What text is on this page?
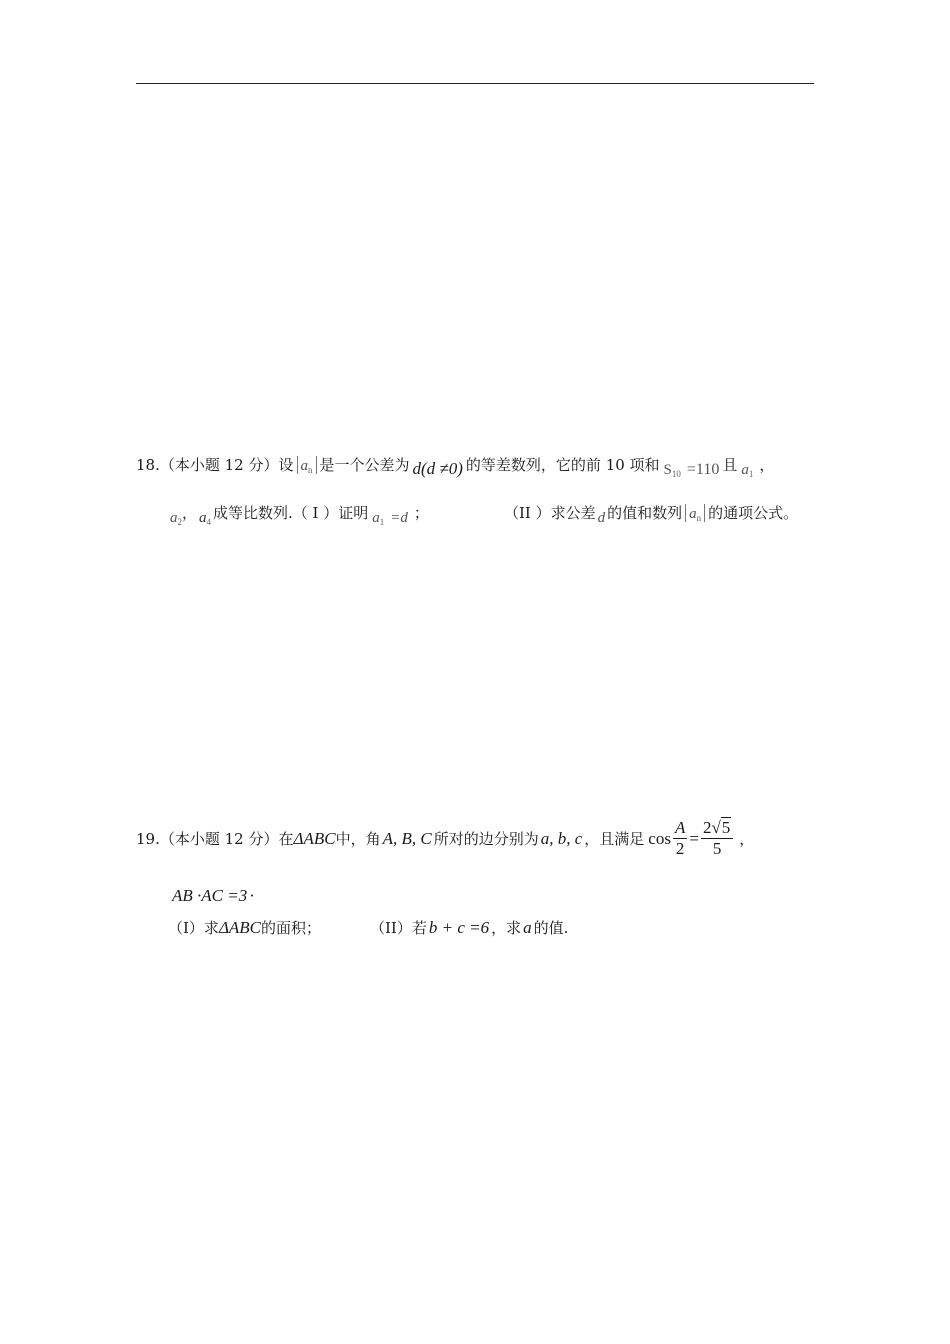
18.（本小题 12 分）设 $a_n$ 是一个公差为 d(d ≠0) 的等差数列，它的前 10 项和 $S_{10} =110$ 且 $a_1$ ，
$a_2$， $a_4$ 成等比数列.（ I ）证明 $a_1 =d$ ；	（II ）求公差 d 的值和数列 $a_n$ 的通项公式。
19.（本小题 12 分）在ΔABC中，角 A, B, C 所对的边分别为 a, b, c ，且满足 $\cos \frac{A}{2} = \frac{2√5}{5}$ ，
AB ·AC =3 ·
（I）求ΔABC的面积；	（II）若 b + c =6 ，求 a 的值.
